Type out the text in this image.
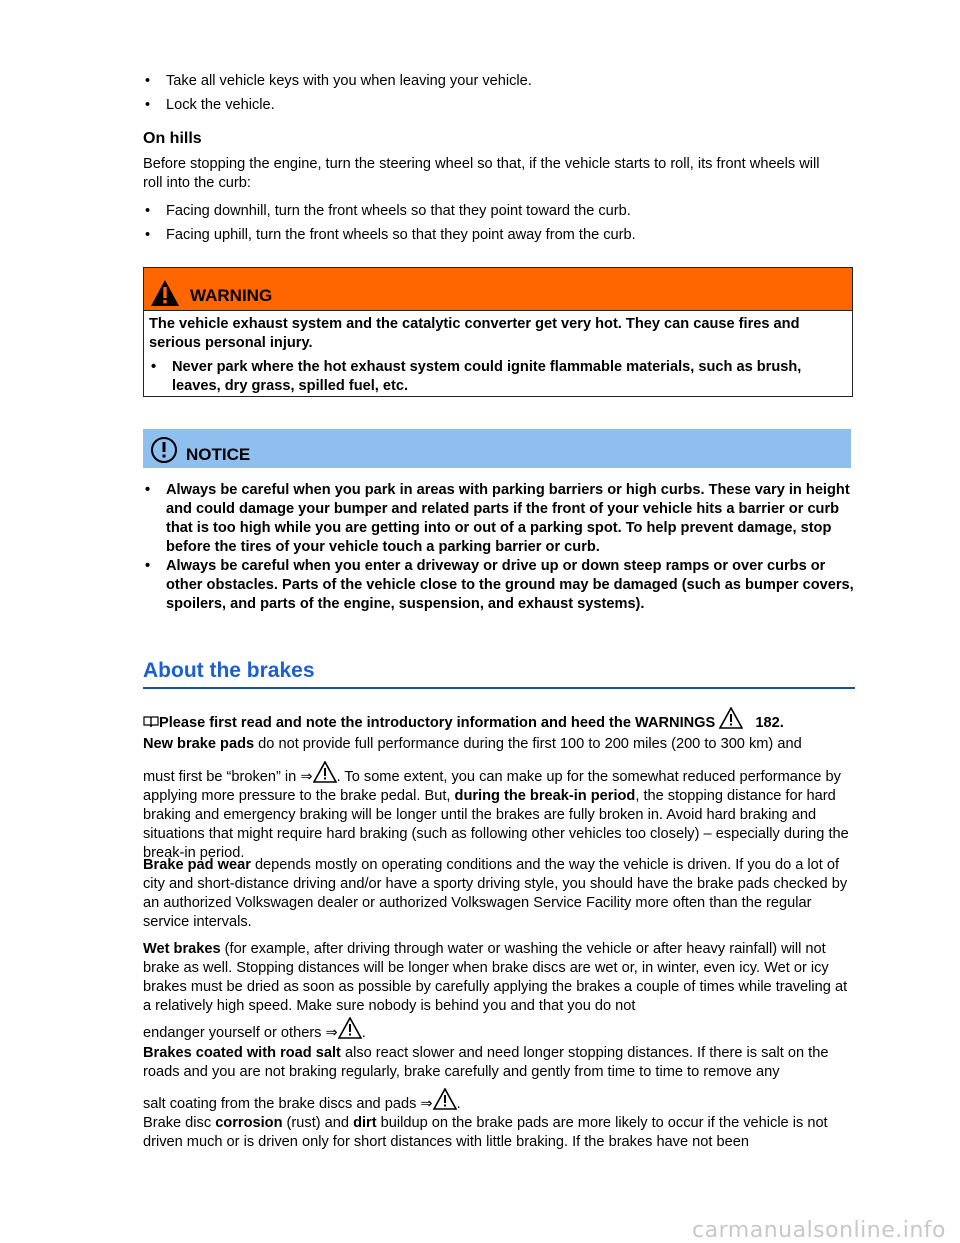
• Take all vehicle keys with you when leaving your vehicle.
• Lock the vehicle.
On hills
Before stopping the engine, turn the steering wheel so that, if the vehicle starts to roll, its front wheels will roll into the curb:
• Facing downhill, turn the front wheels so that they point toward the curb.
• Facing uphill, turn the front wheels so that they point away from the curb.
WARNING
The vehicle exhaust system and the catalytic converter get very hot. They can cause fires and serious personal injury.
• Never park where the hot exhaust system could ignite flammable materials, such as brush, leaves, dry grass, spilled fuel, etc.
NOTICE
• Always be careful when you park in areas with parking barriers or high curbs. These vary in height and could damage your bumper and related parts if the front of your vehicle hits a barrier or curb that is too high while you are getting into or out of a parking spot. To help prevent damage, stop before the tires of your vehicle touch a parking barrier or curb.
• Always be careful when you enter a driveway or drive up or down steep ramps or over curbs or other obstacles. Parts of the vehicle close to the ground may be damaged (such as bumper covers, spoilers, and parts of the engine, suspension, and exhaust systems).
About the brakes
Please first read and note the introductory information and heed the WARNINGS	182.
New brake pads do not provide full performance during the first 100 to 200 miles (200 to 300 km) and
must first be “broken” in ⇒ . To some extent, you can make up for the somewhat reduced performance by applying more pressure to the brake pedal. But, during the break-in period, the stopping distance for hard braking and emergency braking will be longer until the brakes are fully broken in. Avoid hard braking and situations that might require hard braking (such as following other vehicles too closely) – especially during the break-in period.
Brake pad wear depends mostly on operating conditions and the way the vehicle is driven. If you do a lot of city and short-distance driving and/or have a sporty driving style, you should have the brake pads checked by an authorized Volkswagen dealer or authorized Volkswagen Service Facility more often than the regular service intervals.
Wet brakes (for example, after driving through water or washing the vehicle or after heavy rainfall) will not brake as well. Stopping distances will be longer when brake discs are wet or, in winter, even icy. Wet or icy brakes must be dried as soon as possible by carefully applying the brakes a couple of times while traveling at a relatively high speed. Make sure nobody is behind you and that you do not
endanger yourself or others ⇒ .
Brakes coated with road salt also react slower and need longer stopping distances. If there is salt on the roads and you are not braking regularly, brake carefully and gently from time to time to remove any
salt coating from the brake discs and pads ⇒ .
Brake disc corrosion (rust) and dirt buildup on the brake pads are more likely to occur if the vehicle is not driven much or is driven only for short distances with little braking. If the brakes have not been
carmanualsonline.info
